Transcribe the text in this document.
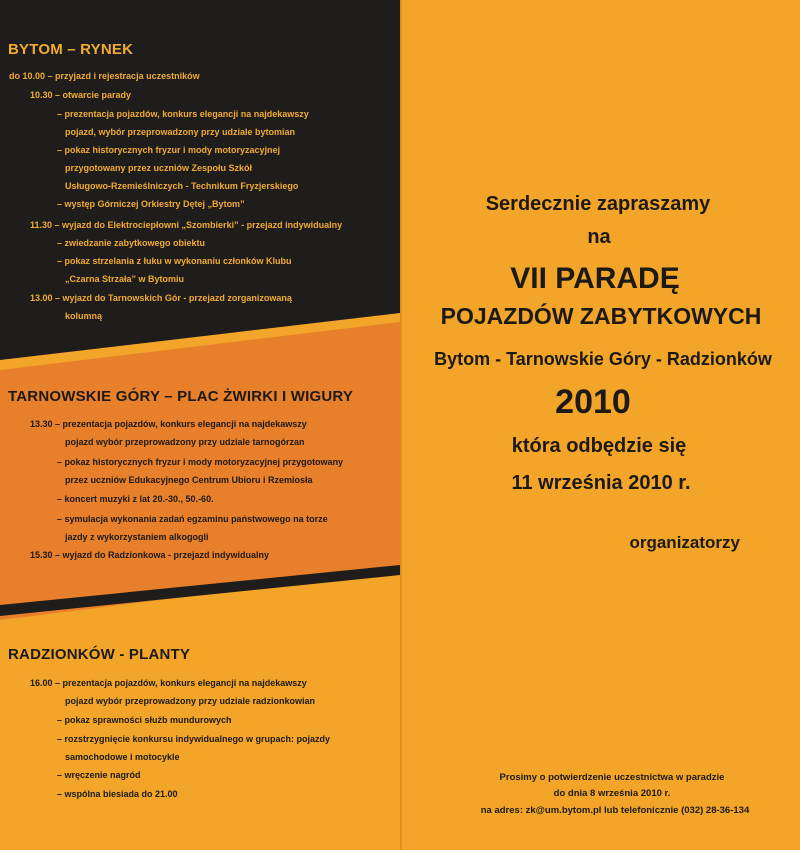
BYTOM – RYNEK
do 10.00 – przyjazd i rejestracja uczestników
10.30 – otwarcie parady
– prezentacja pojazdów, konkurs elegancji na najdekawszy
pojazd, wybór przeprowadzony przy udziale bytomian
– pokaz historycznych fryzur i mody motoryzacyjnej
przygotowany przez uczniów Zespołu Szkół
Usługowo-Rzemieślniczych - Technikum Fryzjerskiego
– występ Górniczej Orkiestry Dętej „Bytom”
11.30 – wyjazd do Elektrociepłowni „Szombierki” - przejazd indywidualny
– zwiedzanie zabytkowego obiektu
– pokaz strzelania z łuku w wykonaniu członków Klubu
„Czarna Strzała” w Bytomiu
13.00 – wyjazd do Tarnowskich Gór - przejazd zorganizowaną
kolumną
TARNOWSKIE GÓRY – PLAC ŻWIRKI I WIGURY
13.30 – prezentacja pojazdów, konkurs elegancji na najdekawszy
pojazd wybór przeprowadzony przy udziale tarnogórzan
– pokaz historycznych fryzur i mody motoryzacyjnej przygotowany
przez uczniów Edukacyjnego Centrum Ubioru i Rzemiosła
– koncert muzyki z lat 20.-30., 50.-60.
– symulacja wykonania zadań egzaminu państwowego na torze
jazdy z wykorzystaniem alkogogli
15.30 – wyjazd do Radzionkowa - przejazd indywidualny
RADZIONKÓW - PLANTY
16.00 – prezentacja pojazdów, konkurs elegancji na najdekawszy
pojazd wybór przeprowadzony przy udziale radzionkowian
– pokaz sprawności służb mundurowych
– rozstrzygnięcie konkursu indywidualnego w grupach: pojazdy
samochodowe i motocykle
– wręczenie nagród
– wspólna biesiada do 21.00
Serdecznie zapraszamy
na
VII PARADĘ
POJAZDÓW ZABYTKOWYCH
Bytom - Tarnowskie Góry - Radzionków
2010
która odbędzie się
11 września 2010 r.
organizatorzy
Prosimy o potwierdzenie uczestnictwa w paradzie
do dnia 8 września 2010 r.
na adres: zk@um.bytom.pl lub telefonicznie (032) 28-36-134
